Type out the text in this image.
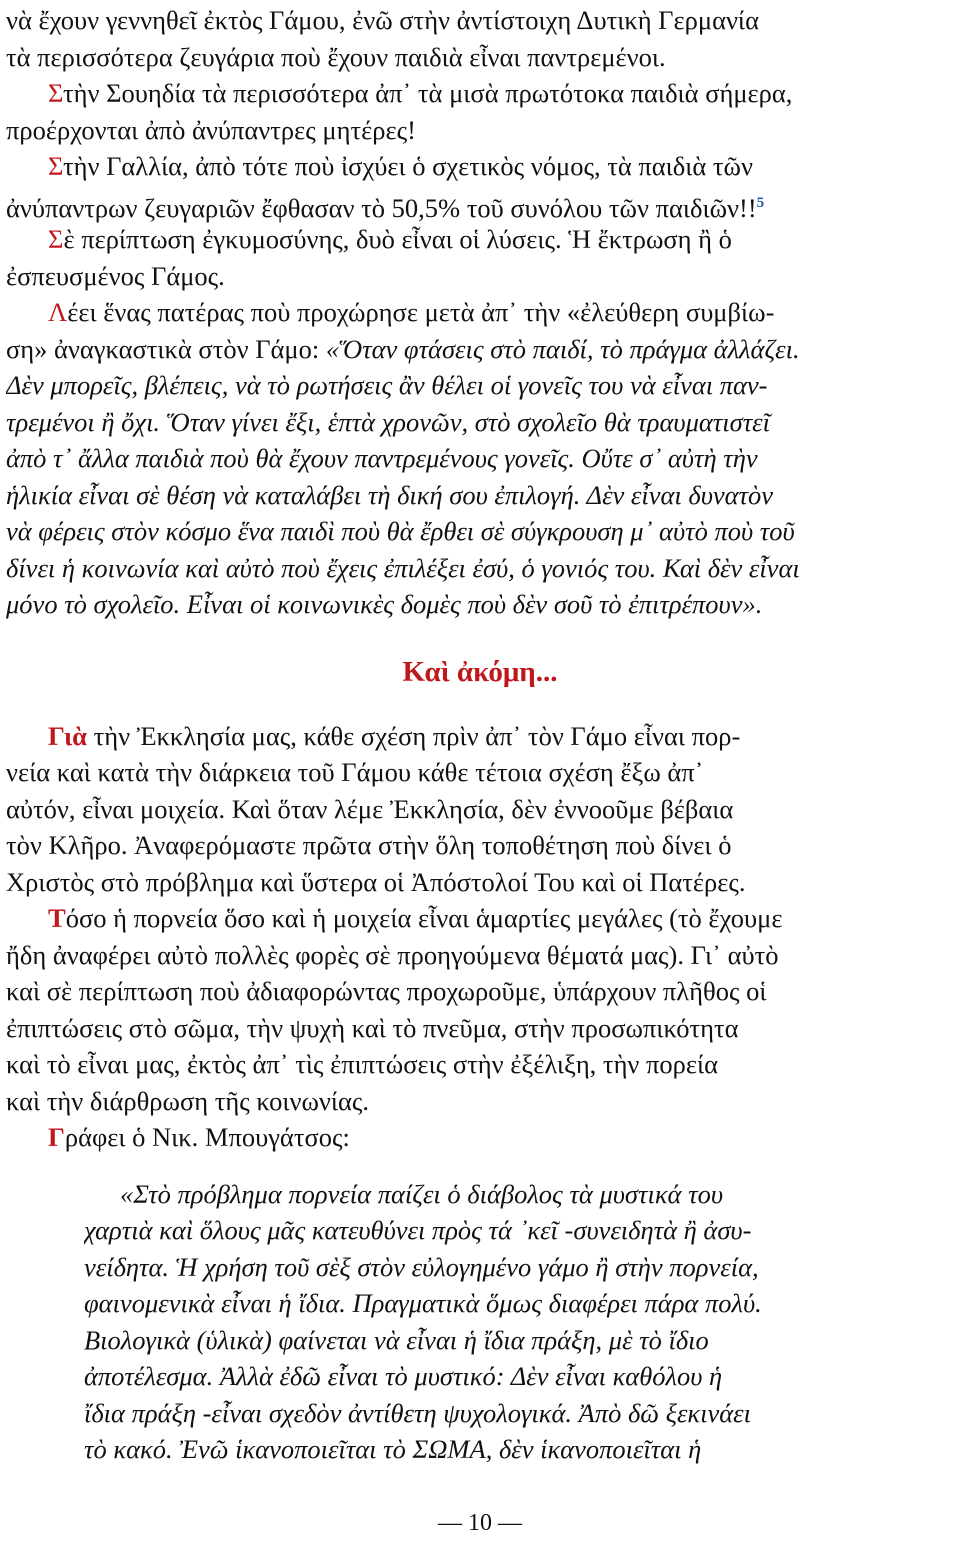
νὰ ἔχουν γεννηθεῖ ἐκτὸς Γάμου, ἐνῶ στὴν ἀντίστοιχη Δυτικὴ Γερμανία
τὰ περισσότερα ζευγάρια ποὺ ἔχουν παιδιὰ εἶναι παντρεμένοι.
Στὴν Σουηδία τὰ περισσότερα ἀπ᾽ τὰ μισὰ πρωτότοκα παιδιὰ σήμερα,
προέρχονται ἀπὸ ἀνύπαντρες μητέρες!
Στὴν Γαλλία, ἀπὸ τότε ποὺ ἰσχύει ὁ σχετικὸς νόμος, τὰ παιδιὰ τῶν
ἀνύπαντρων ζευγαριῶν ἔφθασαν τὸ 50,5% τοῦ συνόλου τῶν παιδιῶν!!$^5$
Σὲ περίπτωση ἐγκυμοσύνης, δυὸ εἶναι οἱ λύσεις. Ἡ ἔκτρωση ἢ ὁ
ἐσπευσμένος Γάμος.
Λέει ἕνας πατέρας ποὺ προχώρησε μετὰ ἀπ᾽ τὴν «ἐλεύθερη συμβίω-
ση» ἀναγκαστικὰ στὸν Γάμο: «Ὅταν φτάσεις στὸ παιδί, τὸ πράγμα ἀλλάζει.
Δὲν μπορεῖς, βλέπεις, νὰ τὸ ρωτήσεις ἂν θέλει οἱ γονεῖς του νὰ εἶναι παν-
τρεμένοι ἢ ὄχι. Ὅταν γίνει ἔξι, ἑπτὰ χρονῶν, στὸ σχολεῖο θὰ τραυματιστεῖ
ἀπὸ τ᾽ ἄλλα παιδιὰ ποὺ θὰ ἔχουν παντρεμένους γονεῖς. Οὔτε σ᾽ αὐτὴ τὴν
ἡλικία εἶναι σὲ θέση νὰ καταλάβει τὴ δική σου ἐπιλογή. Δὲν εἶναι δυνατὸν
νὰ φέρεις στὸν κόσμο ἕνα παιδὶ ποὺ θὰ ἔρθει σὲ σύγκρουση μ᾽ αὐτὸ ποὺ τοῦ
δίνει ἡ κοινωνία καὶ αὐτὸ ποὺ ἔχεις ἐπιλέξει ἐσύ, ὁ γονιός του. Καὶ δὲν εἶναι
μόνο τὸ σχολεῖο. Εἶναι οἱ κοινωνικὲς δομὲς ποὺ δὲν σοῦ τὸ ἐπιτρέπουν».
Καὶ ἀκόμη...
Γιὰ τὴν Ἐκκλησία μας, κάθε σχέση πρὶν ἀπ᾽ τὸν Γάμο εἶναι πορ-
νεία καὶ κατὰ τὴν διάρκεια τοῦ Γάμου κάθε τέτοια σχέση ἔξω ἀπ᾽
αὐτόν, εἶναι μοιχεία. Καὶ ὅταν λέμε Ἐκκλησία, δὲν ἐννοοῦμε βέβαια
τὸν Κλῆρο. Ἀναφερόμαστε πρῶτα στὴν ὅλη τοποθέτηση ποὺ δίνει ὁ
Χριστὸς στὸ πρόβλημα καὶ ὕστερα οἱ Ἀπόστολοί Του καὶ οἱ Πατέρες.
Τόσο ἡ πορνεία ὅσο καὶ ἡ μοιχεία εἶναι ἁμαρτίες μεγάλες (τὸ ἔχουμε
ἤδη ἀναφέρει αὐτὸ πολλὲς φορὲς σὲ προηγούμενα θέματά μας). Γι᾽ αὐτὸ
καὶ σὲ περίπτωση ποὺ ἀδιαφορώντας προχωροῦμε, ὑπάρχουν πλῆθος οἱ
ἐπιπτώσεις στὸ σῶμα, τὴν ψυχὴ καὶ τὸ πνεῦμα, στὴν προσωπικότητα
καὶ τὸ εἶναι μας, ἐκτὸς ἀπ᾽ τὶς ἐπιπτώσεις στὴν ἐξέλιξη, τὴν πορεία
καὶ τὴν διάρθρωση τῆς κοινωνίας.
Γράφει ὁ Νικ. Μπουγάτσος:
«Στὸ πρόβλημα πορνεία παίζει ὁ διάβολος τὰ μυστικά του
χαρτιὰ καὶ ὅλους μᾶς κατευθύνει πρὸς τά ᾽κεῖ -συνειδητὰ ἢ ἀσυ-
νείδητα. Ἡ χρήση τοῦ σὲξ στὸν εὐλογημένο γάμο ἢ στὴν πορνεία,
φαινομενικὰ εἶναι ἡ ἴδια. Πραγματικὰ ὅμως διαφέρει πάρα πολύ.
Βιολογικὰ (ὑλικὰ) φαίνεται νὰ εἶναι ἡ ἴδια πράξη, μὲ τὸ ἴδιο
ἀποτέλεσμα. Ἀλλὰ ἐδῶ εἶναι τὸ μυστικό: Δὲν εἶναι καθόλου ἡ
ἴδια πράξη -εἶναι σχεδὸν ἀντίθετη ψυχολογικά. Ἀπὸ δῶ ξεκινάει
τὸ κακό. Ἐνῶ ἱκανοποιεῖται τὸ ΣΩΜΑ, δὲν ἱκανοποιεῖται ἡ
— 10 —
